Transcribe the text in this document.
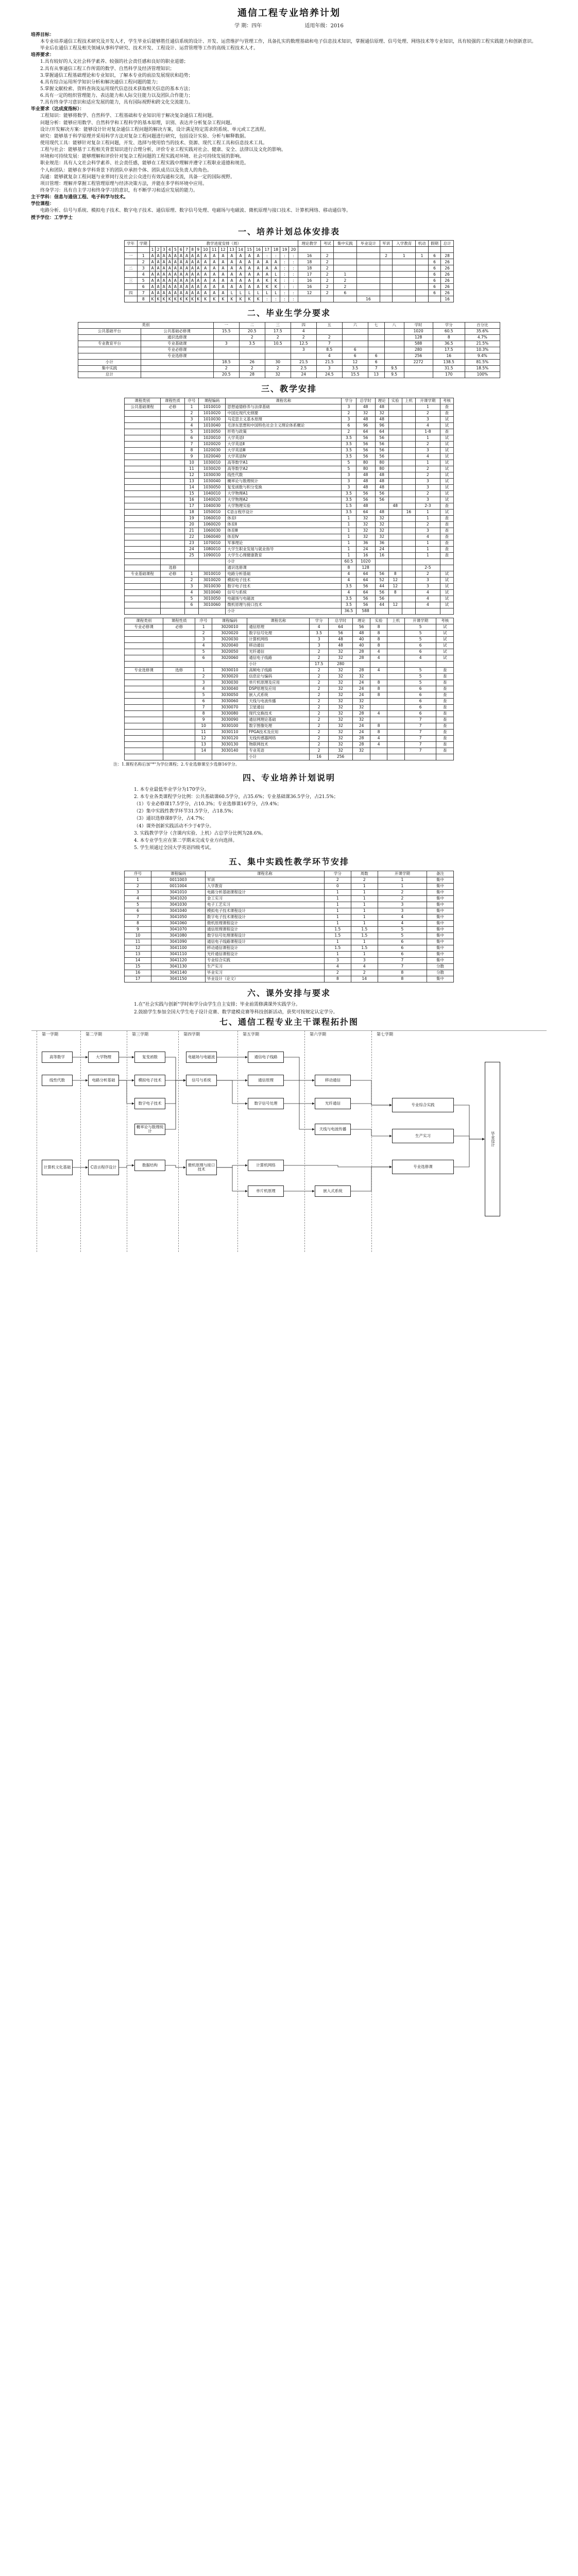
通信工程专业培养计划
学 期：四年	适用年级：2016
培养目标：
本专业培养通信工程技术研究及开发人才，学生毕业后能够胜任通信系统的设计、开发、运营维护与管理工作，具备扎实的数理基础和电子信息技术知识，掌握通信原理、信号处理、网络技术等专业知识，具有较强的工程实践能力和创新意识。
毕业后在通信工程及相关领域从事科学研究、技术开发、工程设计、运营管理等工作的高级工程技术人才。
培养要求：
1.具有较好的人文社会科学素养、较强的社会责任感和良好的职业道德；
2.具有从事通信工程工作所需的数学、自然科学及经济管理知识；
3.掌握通信工程基础理论和专业知识，了解本专业的前沿发展现状和趋势；
4.具有综合运用所学知识分析和解决通信工程问题的能力；
5.掌握文献检索、资料查询及运用现代信息技术获取相关信息的基本方法；
6.具有一定的组织管理能力、表达能力和人际交往能力以及团队合作能力；
7.具有终身学习意识和适应发展的能力，具有国际视野和跨文化交流能力。
毕业要求（达成度指标）：
工程知识：能够将数学、自然科学、工程基础和专业知识用于解决复杂通信工程问题。
问题分析：能够应用数学、自然科学和工程科学的基本原理，识别、表达并分析复杂工程问题。
设计/开发解决方案：能够设计针对复杂通信工程问题的解决方案，设计满足特定需求的系统、单元或工艺流程。
研究：能够基于科学原理并采用科学方法对复杂工程问题进行研究，包括设计实验、分析与解释数据。
使用现代工具：能够针对复杂工程问题，开发、选择与使用恰当的技术、资源、现代工程工具和信息技术工具。
工程与社会：能够基于工程相关背景知识进行合理分析，评价专业工程实践对社会、健康、安全、法律以及文化的影响。
环境和可持续发展：能够理解和评价针对复杂工程问题的工程实践对环境、社会可持续发展的影响。
职业规范：具有人文社会科学素养、社会责任感，能够在工程实践中理解并遵守工程职业道德和规范。
个人和团队：能够在多学科背景下的团队中承担个体、团队成员以及负责人的角色。
沟通：能够就复杂工程问题与业界同行及社会公众进行有效沟通和交流，具备一定的国际视野。
项目管理：理解并掌握工程管理原理与经济决策方法，并能在多学科环境中应用。
终身学习：具有自主学习和终身学习的意识，有不断学习和适应发展的能力。
主干学科：信息与通信工程、电子科学与技术。
学位课程：
电路分析、信号与系统、模拟电子技术、数字电子技术、通信原理、数字信号处理、电磁场与电磁波、微机原理与接口技术、计算机网络、移动通信等。
授予学位：工学学士
一、培养计划总体安排表
学年	学期	教学进度安排（周）																				理论教学	考试	集中实践	毕业设计	军训	入学教育	机动	假期	总计
		1	2	3	4	5	6	7	8	9	10	11	12	13	14	15	16	17	18	19	20									
一	1	A	A	A	A	A	A	A	A	A	A	A	A	A	A	A	A	:	:	:	:	16	2			2	1	1	6	28
	2	A	A	A	A	A	A	A	A	A	A	A	A	A	A	A	A	A	A	:	:	18	2						6	26
二	3	A	A	A	A	A	A	A	A	A	A	A	A	A	A	A	A	A	A	:	:	18	2						6	26
	4	A	A	A	A	A	A	A	A	A	A	A	A	A	A	A	A	A	L	:	:	17	2	1					6	26
三	5	A	A	A	A	A	A	A	A	A	A	A	A	A	A	A	A	K	K	:	:	16	2	2					6	26
	6	A	A	A	A	A	A	A	A	A	A	A	A	A	A	A	A	K	K	:	:	16	2	2					6	26
四	7	A	A	A	A	A	A	A	A	A	A	A	A	L	L	L	L	L	L	:	:	12	2	6					6	26
	8	K	K	K	K	K	K	K	K	K	K	K	K	K	K	K	K	:	:	:	:				16					16
二、毕业生学分要求
类别		一	二	三	四	五	六	七	八	学时	学分	百分比
公共基础平台	公共基础必修课	15.5	20.5	17.5	4					1020	60.5	35.6%
	通识选修课		2	2	2	2				128	8	4.7%
专业教育平台	专业基础课	3	3.5	10.5	12.5	7				588	36.5	21.5%
	专业必修课				3	8.5	6			280	17.5	10.3%
	专业选修课					4	6	6		256	16	9.4%
小计		18.5	26	30	21.5	21.5	12	6		2272	138.5	81.5%
集中实践		2	2	2	2.5	3	3.5	7	9.5		31.5	18.5%
总计		20.5	28	32	24	24.5	15.5	13	9.5		170	100%
三、教学安排
课程类别	课程性质	序号	课程编码	课程名称	学分	总学时	理论	实验	上机	开课学期	考核
公共基础课程	必修	1	1010010	思想道德修养与法律基础	3	48	48			1	查
		2	1010020	中国近现代史纲要	2	32	32			2	查
		3	1010030	马克思主义基本原理	3	48	48			3	试
		4	1010040	毛泽东思想和中国特色社会主义理论体系概论	6	96	96			4	试
		5	1010050	形势与政策	2	64	64			1-8	查
		6	1020010	大学英语Ⅰ	3.5	56	56			1	试
		7	1020020	大学英语Ⅱ	3.5	56	56			2	试
		8	1020030	大学英语Ⅲ	3.5	56	56			3	试
		9	1020040	大学英语Ⅳ	3.5	56	56			4	试
		10	1030010	高等数学A1	5	80	80			1	试
		11	1030020	高等数学A2	5	80	80			2	试
		12	1030030	线性代数	3	48	48			2	试
		13	1030040	概率论与数理统计	3	48	48			3	试
		14	1030050	复变函数与积分变换	3	48	48			3	试
		15	1040010	大学物理A1	3.5	56	56			2	试
		16	1040020	大学物理A2	3.5	56	56			3	试
		17	1040030	大学物理实验	1.5	48		48		2-3	查
		18	1050010	C语言程序设计	3.5	64	48		16	1	试
		19	1060010	体育Ⅰ	1	32	32			1	查
		20	1060020	体育Ⅱ	1	32	32			2	查
		21	1060030	体育Ⅲ	1	32	32			3	查
		22	1060040	体育Ⅳ	1	32	32			4	查
		23	1070010	军事理论	1	36	36			1	查
		24	1080010	大学生职业发展与就业指导	1	24	24			1	查
		25	1090010	大学生心理健康教育	1	16	16			1	查
				小计	60.5	1020					
	选修			通识选修课	8	128				2-5	
专业基础课程	必修	1	3010010	电路分析基础	4	64	56	8		2	试
		2	3010020	模拟电子技术	4	64	52	12		3	试
		3	3010030	数字电子技术	3.5	56	44	12		3	试
		4	3010040	信号与系统	4	64	56	8		4	试
		5	3010050	电磁场与电磁波	3.5	56	56			4	试
		6	3010060	微机原理与接口技术	3.5	56	44	12		4	试
				小计	36.5	588					
课程类别	课程性质	序号	课程编码	课程名称	学分	总学时	理论	实验	上机	开课学期	考核
专业必修课	必修	1	3020010	通信原理	4	64	56	8		5	试
		2	3020020	数字信号处理	3.5	56	48	8		5	试
		3	3020030	计算机网络	3	48	40	8		5	试
		4	3020040	移动通信	3	48	40	8		6	试
		5	3020050	光纤通信	2	32	28	4		6	试
		6	3020060	通信电子线路	2	32	28	4		4	试
				小计	17.5	280					
专业选修课	选修	1	3030010	高频电子线路	2	32	28	4		5	查
		2	3030020	信息论与编码	2	32	32			5	查
		3	3030030	单片机原理及应用	2	32	24	8		5	查
		4	3030040	DSP原理及应用	2	32	24	8		6	查
		5	3030050	嵌入式系统	2	32	24	8		6	查
		6	3030060	天线与电波传播	2	32	32			6	查
		7	3030070	卫星通信	2	32	32			6	查
		8	3030080	现代交换技术	2	32	28	4		6	查
		9	3030090	通信网理论基础	2	32	32			7	查
		10	3030100	数字图像处理	2	32	24	8		7	查
		11	3030110	FPGA技术及应用	2	32	24	8		7	查
		12	3030120	无线传感器网络	2	32	28	4		7	查
		13	3030130	物联网技术	2	32	28	4		7	查
		14	3030140	专业英语	2	32	32			7	查
				小计	16	256					
注：1.课程名称后加"*"为学位课程；2.专业选修课至少选修16学分。
四、专业培养计划说明
1. 本专业最低毕业学分为170学分。
2. 本专业各类课程学分比例：公共基础课60.5学分，占35.6%；专业基础课36.5学分，占21.5%；
（1）专业必修课17.5学分，占10.3%；专业选修课16学分，占9.4%；
（2）集中实践性教学环节31.5学分，占18.5%；
（3）通识选修课8学分，占4.7%；
（4）课外创新实践活动不少于4学分。
3. 实践教学学分（含课内实验、上机）占总学分比例为28.6%。
4. 本专业学生应在第二学期末完成专业方向选择。
5. 学生须通过全国大学英语四级考试。
五、集中实践性教学环节安排
序号	课程编码	课程名称	学分	周数	开课学期	备注
1	0011003	军训	2	2	1	集中
2	0011004	入学教育	0	1	1	集中
3	3041010	电路分析基础课程设计	1	1	2	集中
4	3041020	金工实习	1	1	2	集中
5	3041030	电子工艺实习	1	1	3	集中
6	3041040	模拟电子技术课程设计	1	1	3	集中
7	3041050	数字电子技术课程设计	1	1	4	集中
8	3041060	微机原理课程设计	1	1	4	集中
9	3041070	通信原理课程设计	1.5	1.5	5	集中
10	3041080	数字信号处理课程设计	1.5	1.5	5	集中
11	3041090	通信电子线路课程设计	1	1	6	集中
12	3041100	移动通信课程设计	1.5	1.5	6	集中
13	3041110	光纤通信课程设计	1	1	6	集中
14	3041120	专业综合实践	3	3	7	集中
15	3041130	生产实习	4	4	7	分散
16	3041140	毕业实习	2	2	8	分散
17	3041150	毕业设计（论文）	8	14	8	集中
六、课外安排与要求
1.在"社会实践与创新"学时和学分由学生自主安排；毕业前需修满课外实践学分。
2.鼓励学生参加全国大学生电子设计竞赛、数学建模竞赛等科技创新活动，获奖可按规定认定学分。
七、通信工程专业主干课程拓扑图
第一学期	第二学期	第三学期	第四学期	第五学期	第六学期	第七学期
高等数学
线性代数
大学物理
电路分析基础
复变函数
模拟电子技术
数字电子技术
信号与系统
电磁场与电磁波
通信原理
数字信号处理
通信电子线路
移动通信
光纤通信	专业综合实践
毕业设计
计算机文化基础	C语言程序设计	微机原理与接口技术
计算机网络
单片机原理	嵌入式系统
数据结构	专业选修课
概率论与数理统计	天线与电波传播
生产实习
